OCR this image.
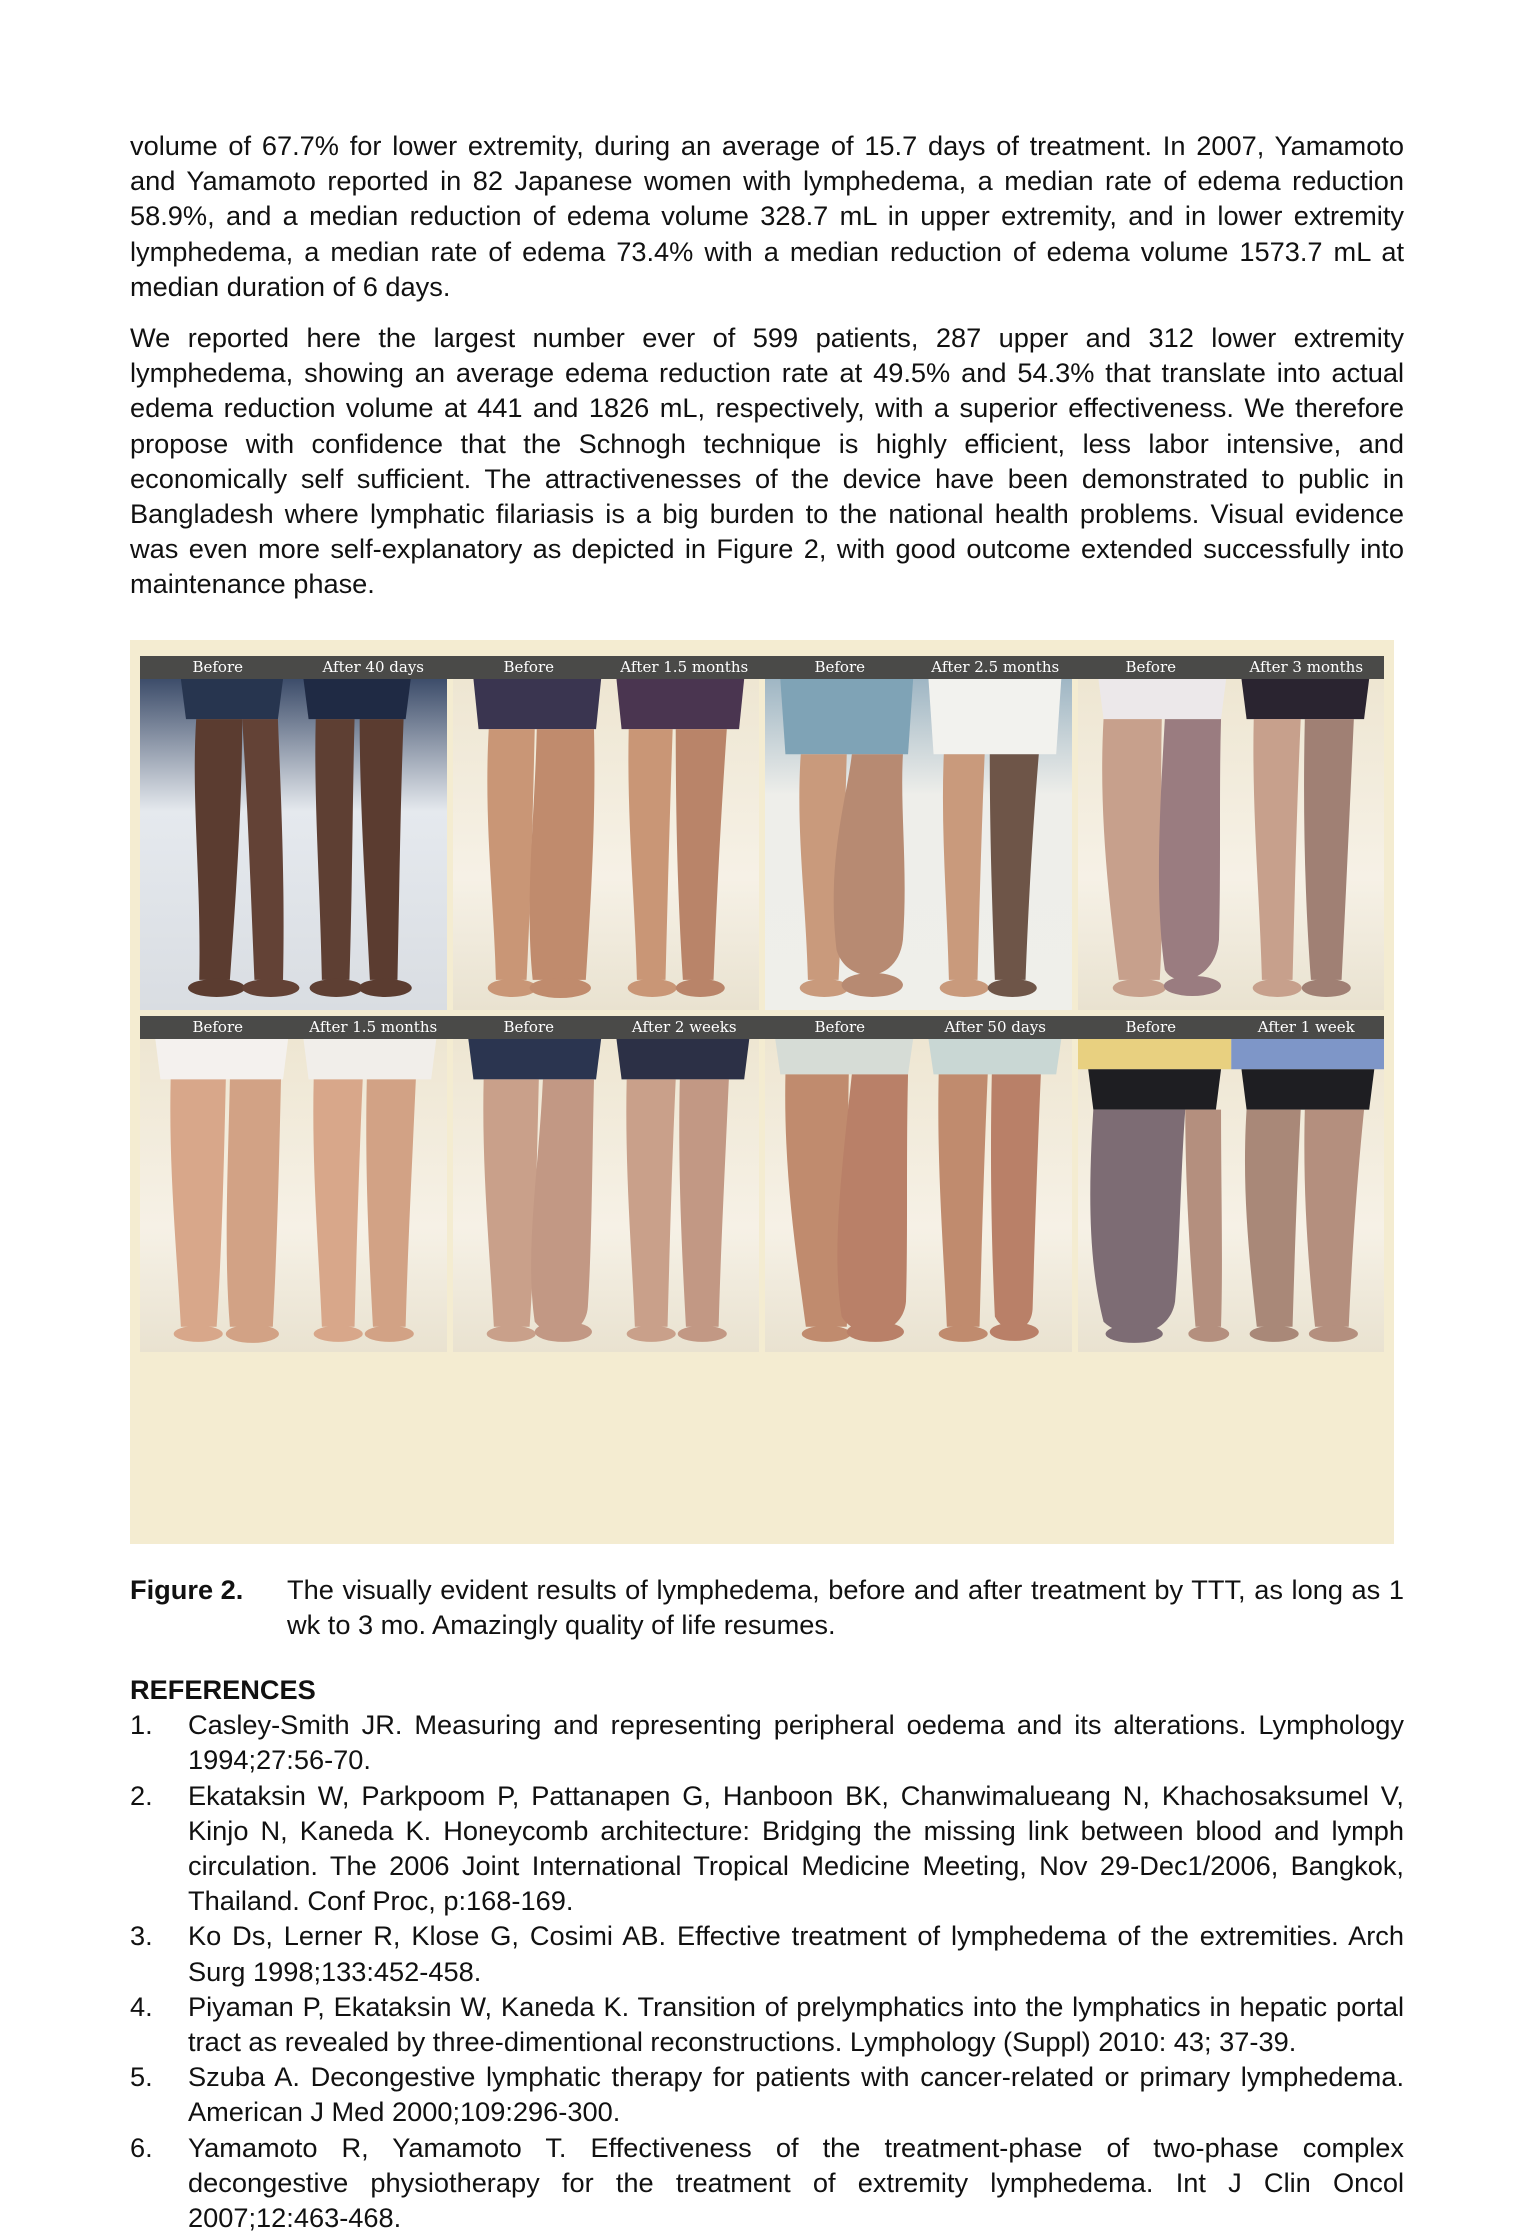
volume of 67.7% for lower extremity, during an average of 15.7 days of treatment. In 2007, Yamamoto and Yamamoto reported in 82 Japanese women with lymphedema, a median rate of edema reduction 58.9%, and a median reduction of edema volume 328.7 mL in upper extremity, and in lower extremity lymphedema, a median rate of edema 73.4% with a median reduction of edema volume 1573.7 mL at median duration of 6 days.

We reported here the largest number ever of 599 patients, 287 upper and 312 lower extremity lymphedema, showing an average edema reduction rate at 49.5% and 54.3% that translate into actual edema reduction volume at 441 and 1826 mL, respectively, with a superior effectiveness. We therefore propose with confidence that the Schnogh technique is highly efficient, less labor intensive, and economically self sufficient. The attractivenesses of the device have been demonstrated to public in Bangladesh where lymphatic filariasis is a big burden to the national health problems. Visual evidence was even more self-explanatory as depicted in Figure 2, with good outcome extended successfully into maintenance phase.

Before	After 40 days	Before	After 1.5 months	Before	After 2.5 months	Before	After 3 months
Before	After 1.5 months	Before	After 2 weeks	Before	After 50 days	Before	After 1 week
Figure 2.	The visually evident results of lymphedema, before and after treatment by TTT, as long as 1 wk to 3 mo. Amazingly quality of life resumes.
REFERENCES
1.	Casley-Smith JR. Measuring and representing peripheral oedema and its alterations. Lymphology 1994;27:56-70.
2.	Ekataksin W, Parkpoom P, Pattanapen G, Hanboon BK, Chanwimalueang N, Khachosaksumel V, Kinjo N, Kaneda K. Honeycomb architecture: Bridging the missing link between blood and lymph circulation. The 2006 Joint International Tropical Medicine Meeting, Nov 29-Dec1/2006, Bangkok, Thailand. Conf Proc, p:168-169.
3.	Ko Ds, Lerner R, Klose G, Cosimi AB. Effective treatment of lymphedema of the extremities. Arch Surg 1998;133:452-458.
4.	Piyaman P, Ekataksin W, Kaneda K. Transition of prelymphatics into the lymphatics in hepatic portal tract as revealed by three-dimentional reconstructions. Lymphology (Suppl) 2010: 43; 37-39.
5.	Szuba A. Decongestive lymphatic therapy for patients with cancer-related or primary lymphedema. American J Med 2000;109:296-300.
6.	Yamamoto R, Yamamoto T. Effectiveness of the treatment-phase of two-phase complex decongestive physiotherapy for the treatment of extremity lymphedema. Int J Clin Oncol 2007;12:463-468.
